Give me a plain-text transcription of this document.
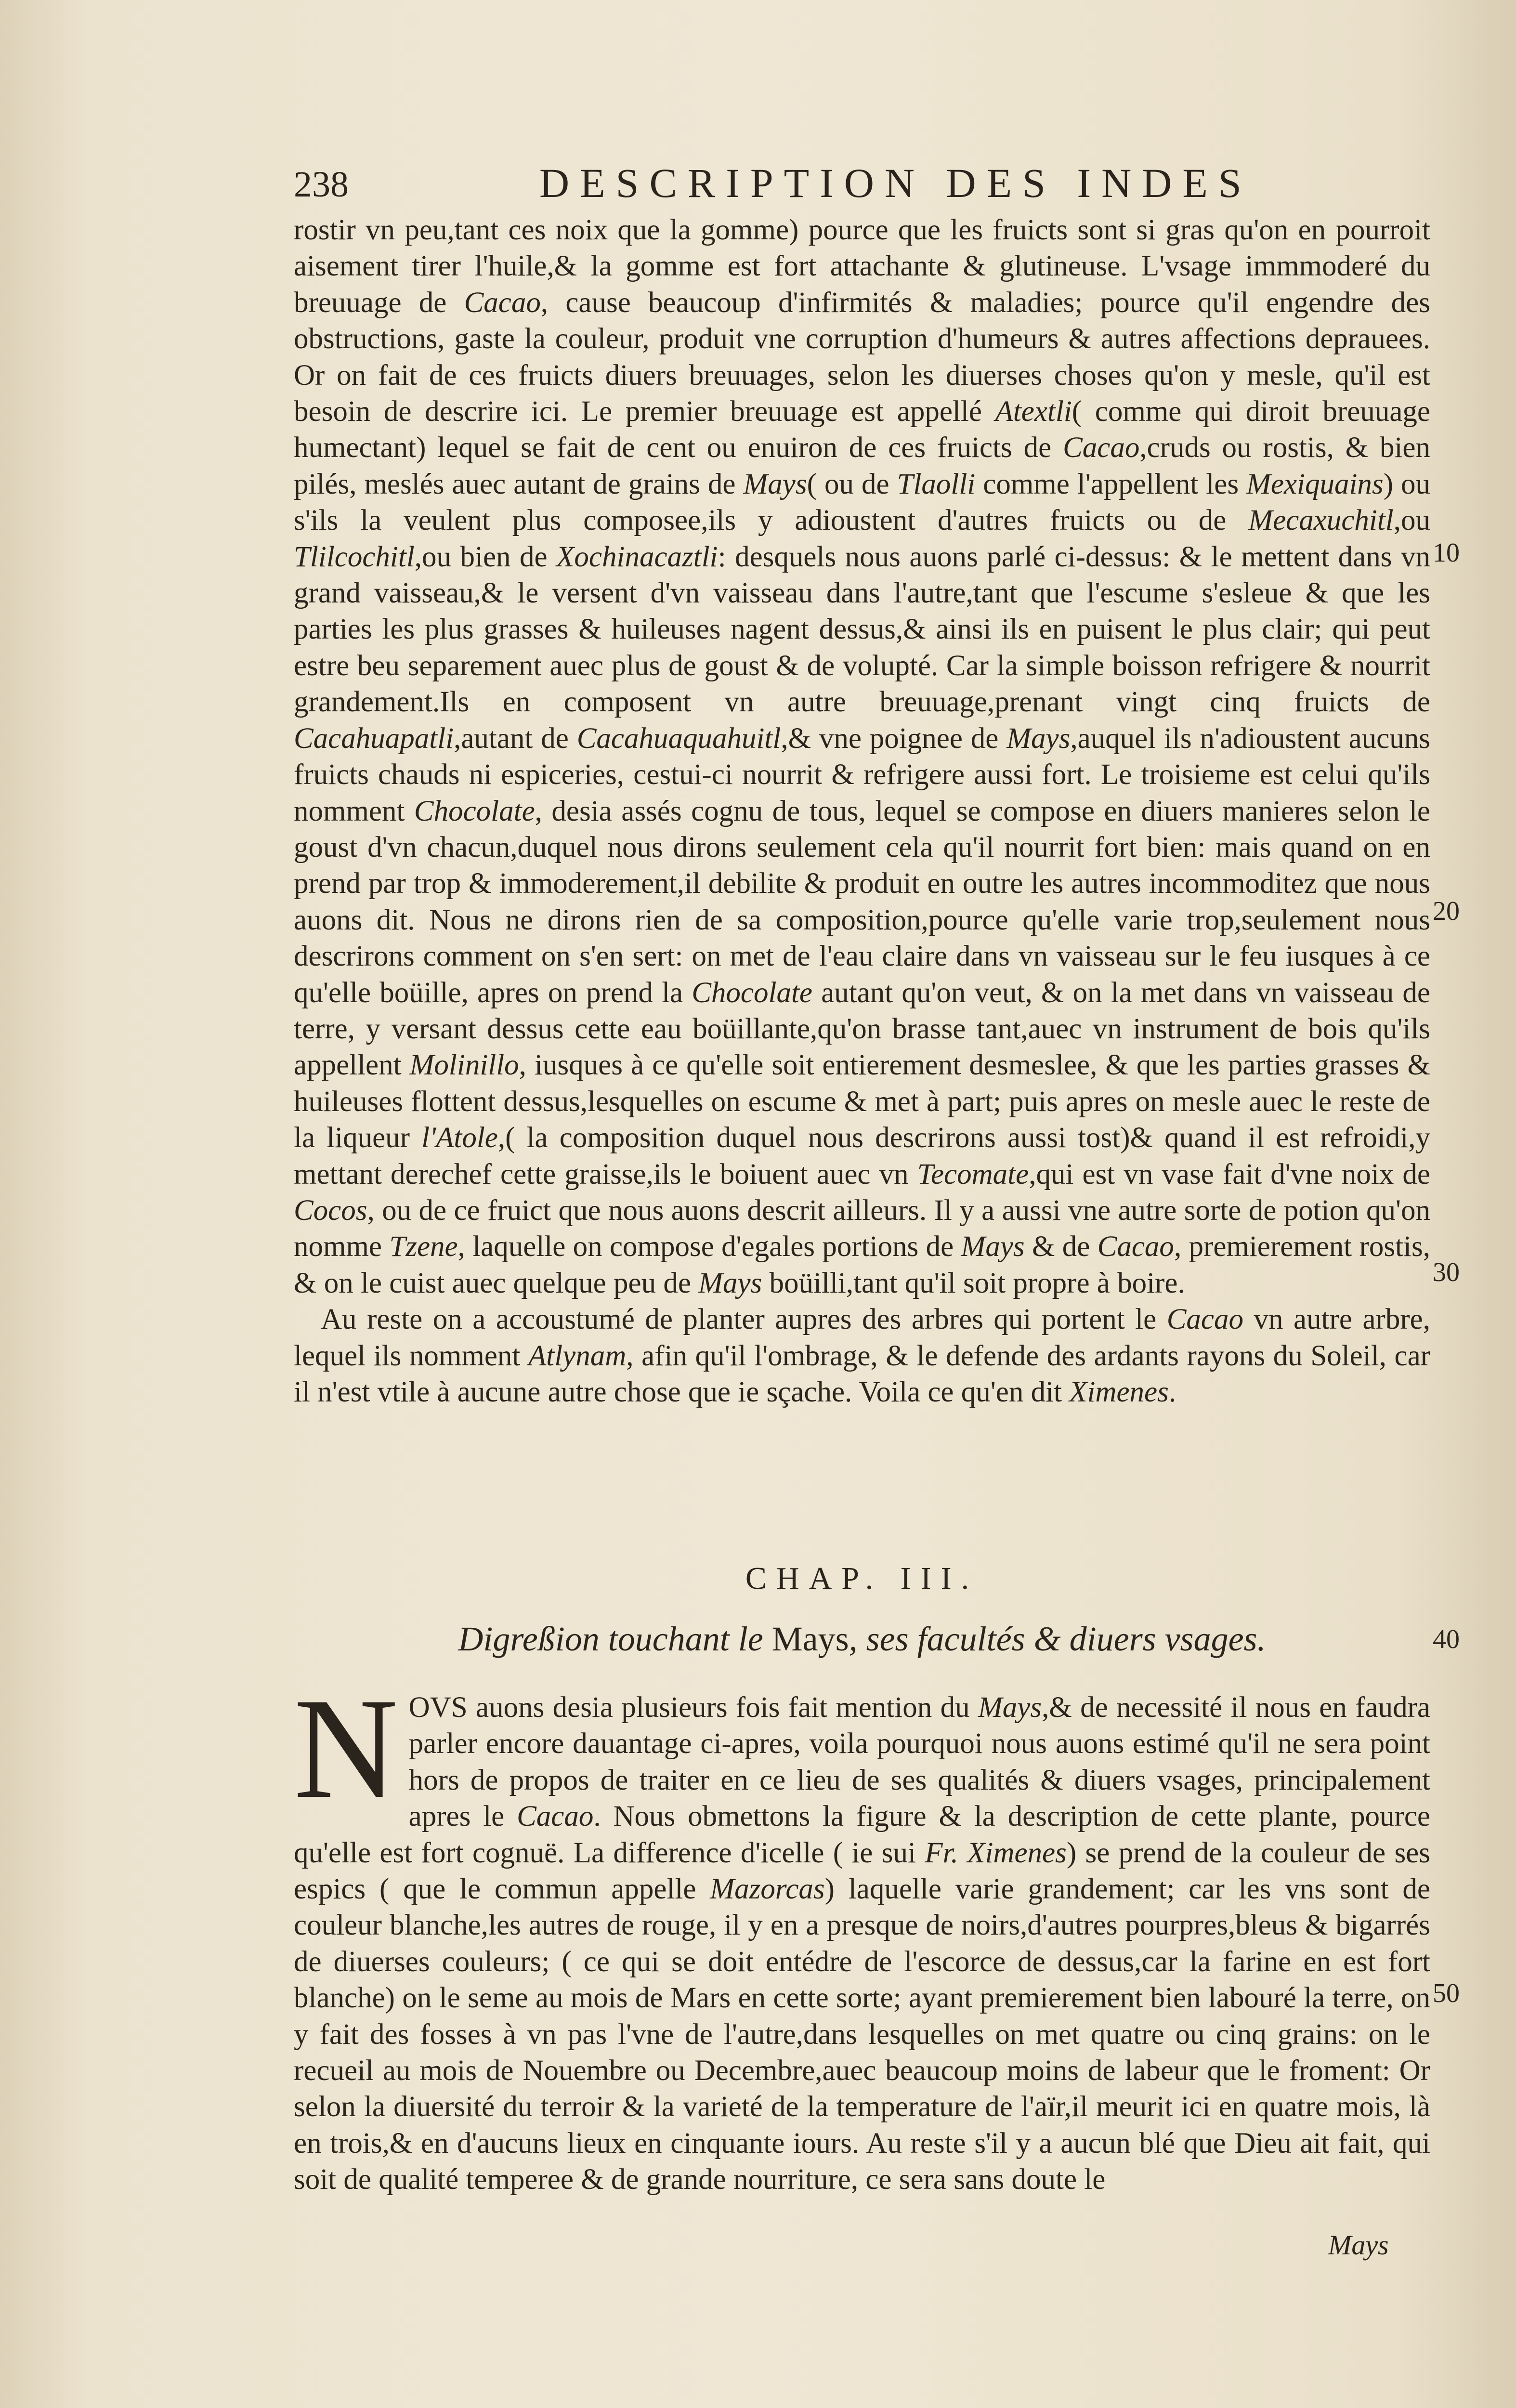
238	DESCRIPTION DES INDES

rostir vn peu,tant ces noix que la gomme) pource que les fruicts sont si gras qu'on en pourroit aisement tirer l'huile,& la gomme est fort attachante & glutineuse. L'vsage immmoderé du breuuage de Cacao, cause beaucoup d'infirmités & maladies; pource qu'il engendre des obstructions, gaste la couleur, produit vne corruption d'humeurs & autres affections deprauees. Or on fait de ces fruicts diuers breuuages, selon les diuerses choses qu'on y mesle, qu'il est besoin de descrire ici. Le premier breuuage est appellé Atextli( comme qui diroit breuuage humectant) lequel se fait de cent ou enuiron de ces fruicts de Cacao,cruds ou rostis, & bien pilés, meslés auec autant de grains de Mays( ou de Tlaolli comme l'appellent les Mexiquains) ou s'ils la veulent plus composee,ils y adioustent d'autres fruicts ou de Mecaxuchitl,ou Tlilcochitl,ou bien de Xochinacaztli: desquels nous auons parlé ci-dessus: & le mettent dans vn grand vaisseau,& le versent d'vn vaisseau dans l'autre,tant que l'escume s'esleue & que les parties les plus grasses & huileuses nagent dessus,& ainsi ils en puisent le plus clair; qui peut estre beu separement auec plus de goust & de volupté. Car la simple boisson refrigere & nourrit grandement.Ils en composent vn autre breuuage,prenant vingt cinq fruicts de Cacahuapatli,autant de Cacahuaquahuitl,& vne poignee de Mays,auquel ils n'adioustent aucuns fruicts chauds ni espiceries, cestui-ci nourrit & refrigere aussi fort. Le troisieme est celui qu'ils nomment Chocolate, desia assés cognu de tous, lequel se compose en diuers manieres selon le goust d'vn chacun,duquel nous dirons seulement cela qu'il nourrit fort bien: mais quand on en prend par trop & immoderement,il debilite & produit en outre les autres incommoditez que nous auons dit. Nous ne dirons rien de sa composition,pource qu'elle varie trop,seulement nous descrirons comment on s'en sert: on met de l'eau claire dans vn vaisseau sur le feu iusques à ce qu'elle boüille, apres on prend la Chocolate autant qu'on veut, & on la met dans vn vaisseau de terre, y versant dessus cette eau boüillante,qu'on brasse tant,auec vn instrument de bois qu'ils appellent Molinillo, iusques à ce qu'elle soit entierement desmeslee, & que les parties grasses & huileuses flottent dessus,lesquelles on escume & met à part; puis apres on mesle auec le reste de la liqueur l'Atole,( la composition duquel nous descrirons aussi tost)& quand il est refroidi,y mettant derechef cette graisse,ils le boiuent auec vn Tecomate,qui est vn vase fait d'vne noix de Cocos, ou de ce fruict que nous auons descrit ailleurs. Il y a aussi vne autre sorte de potion qu'on nomme Tzene, laquelle on compose d'egales portions de Mays & de Cacao, premierement rostis, & on le cuist auec quelque peu de Mays boüilli,tant qu'il soit propre à boire.

Au reste on a accoustumé de planter aupres des arbres qui portent le Cacao vn autre arbre, lequel ils nomment Atlynam, afin qu'il l'ombrage, & le defende des ardants rayons du Soleil, car il n'est vtile à aucune autre chose que ie sçache. Voila ce qu'en dit Ximenes.

CHAP. III.
Digreßion touchant le Mays, ses facultés & diuers vsages.

NOVS auons desia plusieurs fois fait mention du Mays,& de necessité il nous en faudra parler encore dauantage ci-apres, voila pourquoi nous auons estimé qu'il ne sera point hors de propos de traiter en ce lieu de ses qualités & diuers vsages, principalement apres le Cacao. Nous obmettons la figure & la description de cette plante, pource qu'elle est fort cognuë. La difference d'icelle ( ie sui Fr. Ximenes) se prend de la couleur de ses espics ( que le commun appelle Mazorcas) laquelle varie grandement; car les vns sont de couleur blanche,les autres de rouge, il y en a presque de noirs,d'autres pourpres,bleus & bigarrés de diuerses couleurs; ( ce qui se doit entédre de l'escorce de dessus,car la farine en est fort blanche) on le seme au mois de Mars en cette sorte; ayant premierement bien labouré la terre, on y fait des fosses à vn pas l'vne de l'autre,dans lesquelles on met quatre ou cinq grains: on le recueil au mois de Nouembre ou Decembre,auec beaucoup moins de labeur que le froment: Or selon la diuersité du terroir & la varieté de la temperature de l'aïr,il meurit ici en quatre mois, là en trois,& en d'aucuns lieux en cinquante iours. Au reste s'il y a aucun blé que Dieu ait fait, qui soit de qualité temperee & de grande nourriture, ce sera sans doute le

Mays
10
20
30
40
50
